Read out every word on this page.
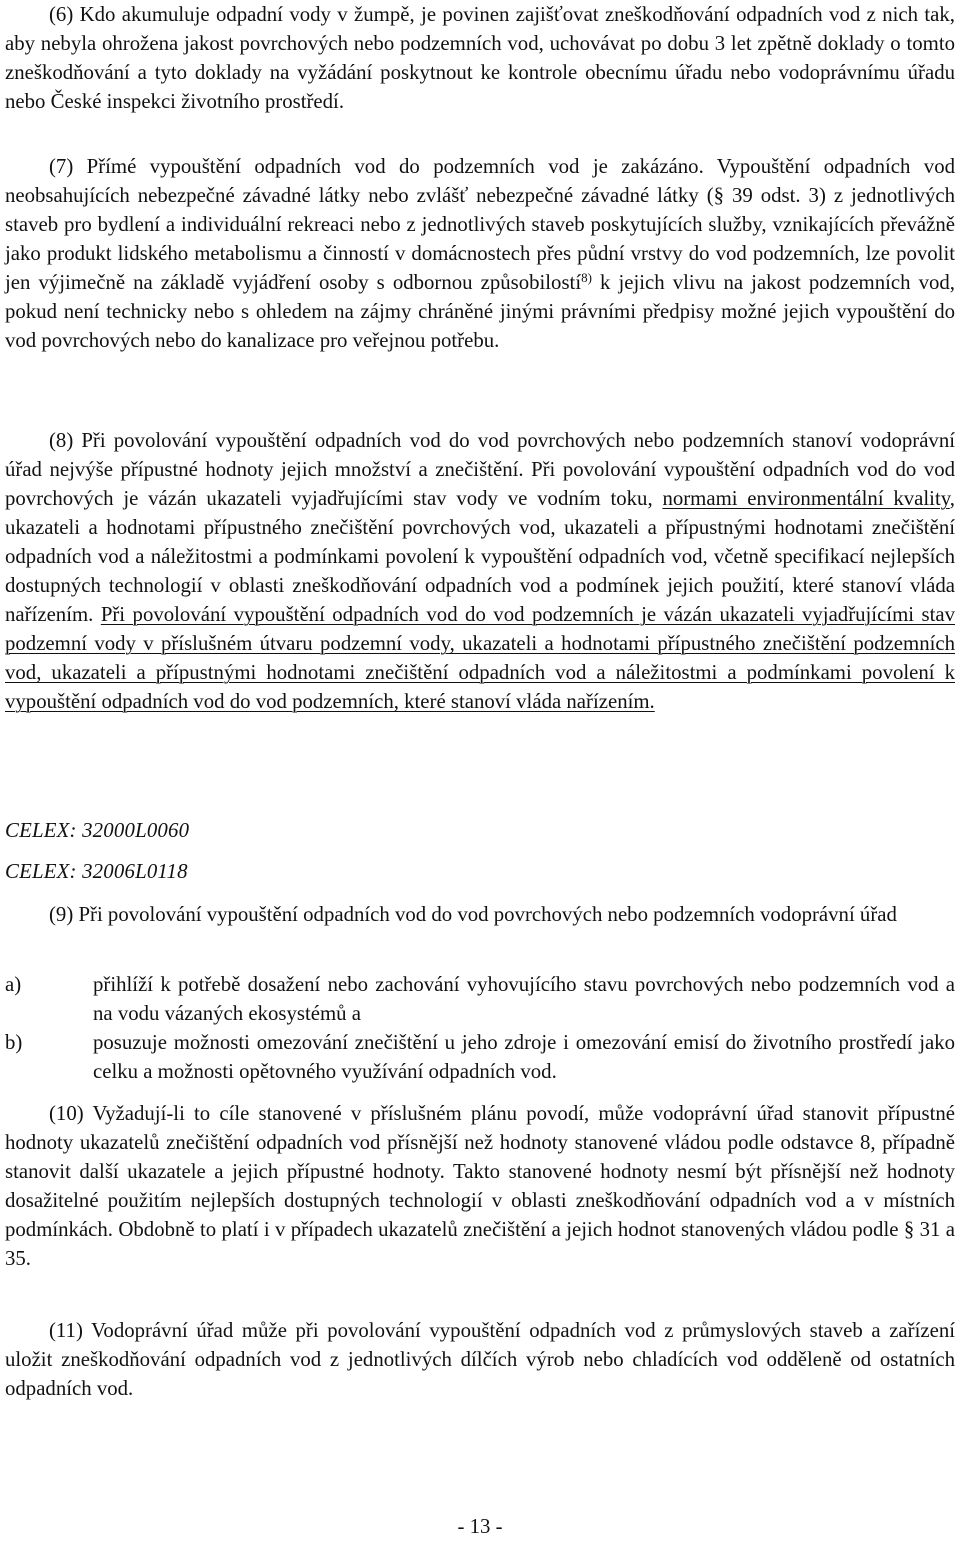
(6) Kdo akumuluje odpadní vody v žumpě, je povinen zajišťovat zneškodňování odpadních vod z nich tak, aby nebyla ohrožena jakost povrchových nebo podzemních vod, uchovávat po dobu 3 let zpětně doklady o tomto zneškodňování a tyto doklady na vyžádání poskytnout ke kontrole obecnímu úřadu nebo vodoprávnímu úřadu nebo České inspekci životního prostředí.

(7) Přímé vypouštění odpadních vod do podzemních vod je zakázáno. Vypouštění odpadních vod neobsahujících nebezpečné závadné látky nebo zvlášť nebezpečné závadné látky (§ 39 odst. 3) z jednotlivých staveb pro bydlení a individuální rekreaci nebo z jednotlivých staveb poskytujících služby, vznikajících převážně jako produkt lidského metabolismu a činností v domácnostech přes půdní vrstvy do vod podzemních, lze povolit jen výjimečně na základě vyjádření osoby s odbornou způsobilostí$^{8)}$ k jejich vlivu na jakost podzemních vod, pokud není technicky nebo s ohledem na zájmy chráněné jinými právními předpisy možné jejich vypouštění do vod povrchových nebo do kanalizace pro veřejnou potřebu.

(8) Při povolování vypouštění odpadních vod do vod povrchových nebo podzemních stanoví vodoprávní úřad nejvýše přípustné hodnoty jejich množství a znečištění. Při povolování vypouštění odpadních vod do vod povrchových je vázán ukazateli vyjadřujícími stav vody ve vodním toku, normami environmentální kvality, ukazateli a hodnotami přípustného znečištění povrchových vod, ukazateli a přípustnými hodnotami znečištění odpadních vod a náležitostmi a podmínkami povolení k vypouštění odpadních vod, včetně specifikací nejlepších dostupných technologií v oblasti zneškodňování odpadních vod a podmínek jejich použití, které stanoví vláda nařízením. Při povolování vypouštění odpadních vod do vod podzemních je vázán ukazateli vyjadřujícími stav podzemní vody v příslušném útvaru podzemní vody, ukazateli a hodnotami přípustného znečištění podzemních vod, ukazateli a přípustnými hodnotami znečištění odpadních vod a náležitostmi a podmínkami povolení k vypouštění odpadních vod do vod podzemních, které stanoví vláda nařízením.

CELEX: 32000L0060

CELEX: 32006L0118

(9) Při povolování vypouštění odpadních vod do vod povrchových nebo podzemních vodoprávní úřad

a)	přihlíží k potřebě dosažení nebo zachování vyhovujícího stavu povrchových nebo podzemních vod a na vodu vázaných ekosystémů a
b)	posuzuje možnosti omezování znečištění u jeho zdroje i omezování emisí do životního prostředí jako celku a možnosti opětovného využívání odpadních vod.

(10) Vyžadují-li to cíle stanovené v příslušném plánu povodí, může vodoprávní úřad stanovit přípustné hodnoty ukazatelů znečištění odpadních vod přísnější než hodnoty stanovené vládou podle odstavce 8, případně stanovit další ukazatele a jejich přípustné hodnoty. Takto stanovené hodnoty nesmí být přísnější než hodnoty dosažitelné použitím nejlepších dostupných technologií v oblasti zneškodňování odpadních vod a v místních podmínkách. Obdobně to platí i v případech ukazatelů znečištění a jejich hodnot stanovených vládou podle § 31 a 35.

(11) Vodoprávní úřad může při povolování vypouštění odpadních vod z průmyslových staveb a zařízení uložit zneškodňování odpadních vod z jednotlivých dílčích výrob nebo chladících vod odděleně od ostatních odpadních vod.

- 13 -
